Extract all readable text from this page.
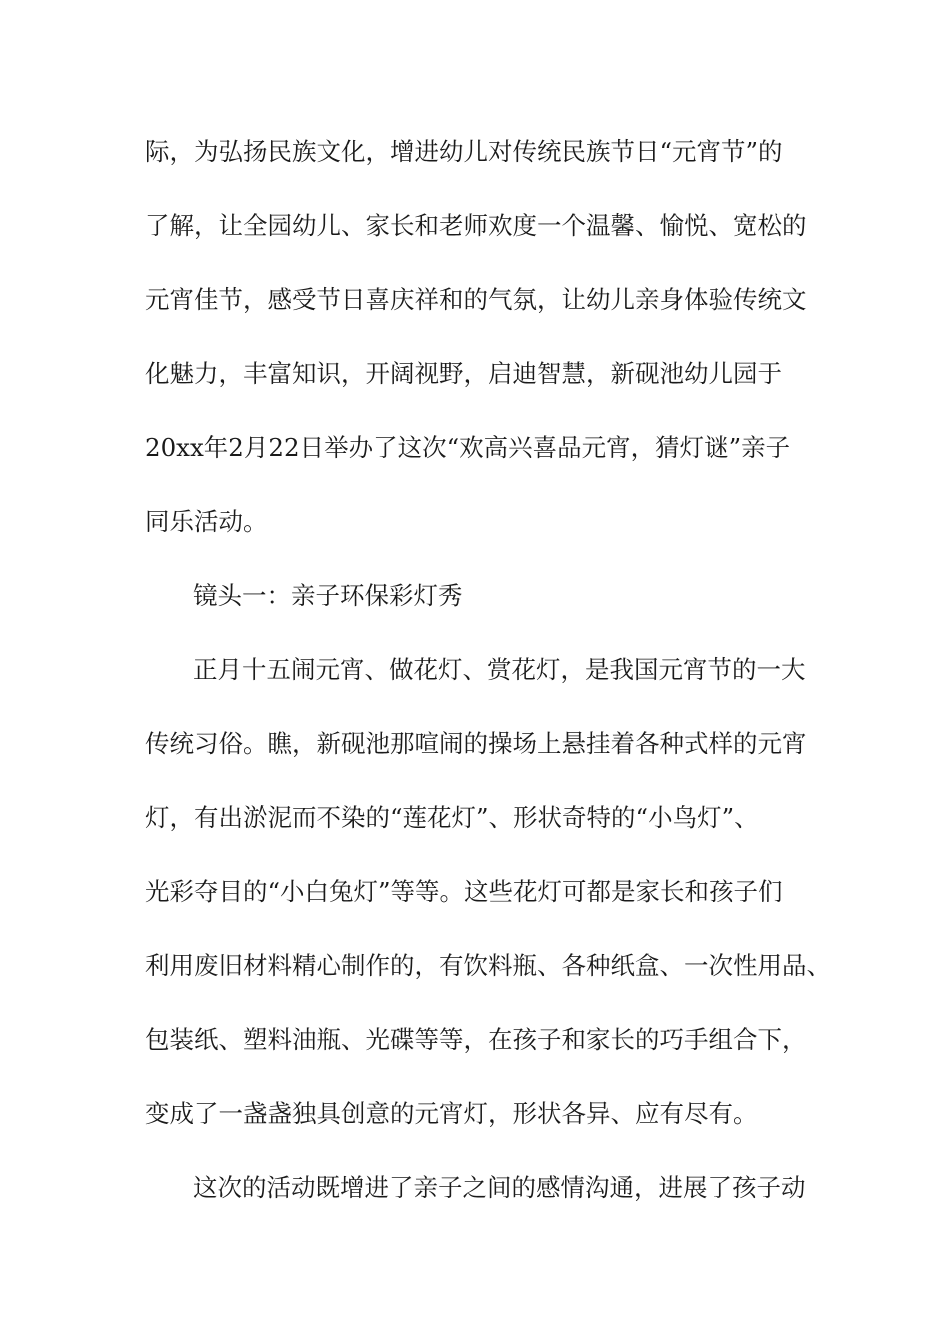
际，为弘扬民族文化，增进幼儿对传统民族节日“元宵节”的
了解，让全园幼儿、家长和老师欢度一个温馨、愉悦、宽松的
元宵佳节，感受节日喜庆祥和的气氛，让幼儿亲身体验传统文
化魅力，丰富知识，开阔视野，启迪智慧，新砚池幼儿园于
20xx年2月22日举办了这次“欢高兴喜品元宵，猜灯谜”亲子
同乐活动。
镜头一：亲子环保彩灯秀
正月十五闹元宵、做花灯、赏花灯，是我国元宵节的一大
传统习俗。瞧，新砚池那喧闹的操场上悬挂着各种式样的元宵
灯，有出淤泥而不染的“莲花灯”、形状奇特的“小鸟灯”、
光彩夺目的“小白兔灯”等等。这些花灯可都是家长和孩子们
利用废旧材料精心制作的，有饮料瓶、各种纸盒、一次性用品、
包装纸、塑料油瓶、光碟等等，在孩子和家长的巧手组合下，
变成了一盏盏独具创意的元宵灯，形状各异、应有尽有。
这次的活动既增进了亲子之间的感情沟通，进展了孩子动
